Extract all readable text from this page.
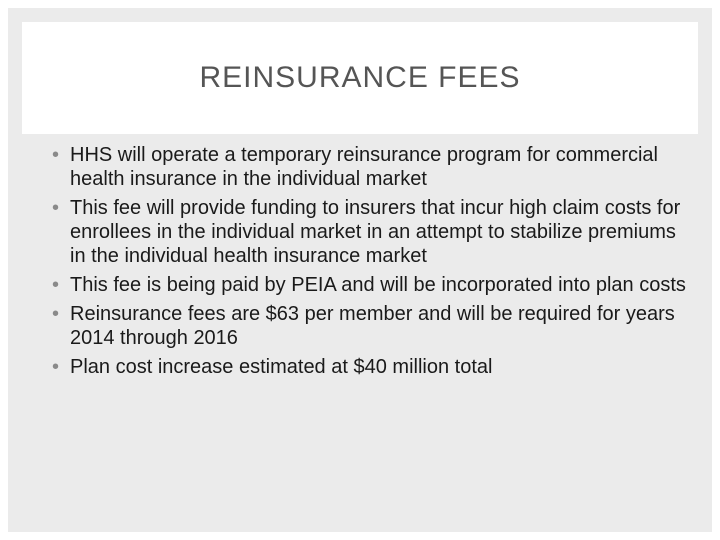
REINSURANCE FEES
• HHS will operate a temporary reinsurance program for commercial health insurance in the individual market
• This fee will provide funding to insurers that incur high claim costs for enrollees in the individual market in an attempt to stabilize premiums in the individual health insurance market
• This fee is being paid by PEIA and will be incorporated into plan costs
• Reinsurance fees are $63 per member and will be required for years 2014 through 2016
• Plan cost increase estimated at $40 million total
